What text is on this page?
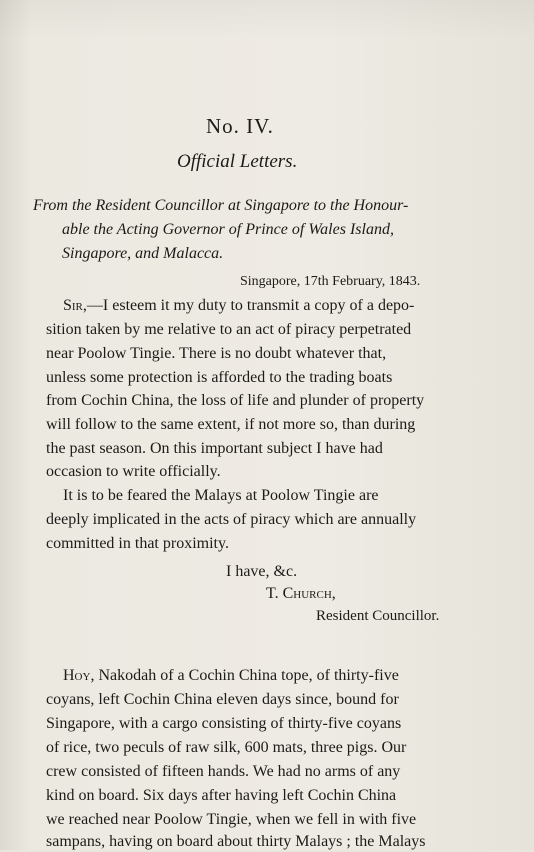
No. IV.
Official Letters.
From the Resident Councillor at Singapore to the Honour-
able the Acting Governor of Prince of Wales Island,
Singapore, and Malacca.
Singapore, 17th February, 1843.
Sir,—I esteem it my duty to transmit a copy of a depo-
sition taken by me relative to an act of piracy perpetrated
near Poolow Tingie. There is no doubt whatever that,
unless some protection is afforded to the trading boats
from Cochin China, the loss of life and plunder of property
will follow to the same extent, if not more so, than during
the past season. On this important subject I have had
occasion to write officially.
It is to be feared the Malays at Poolow Tingie are
deeply implicated in the acts of piracy which are annually
committed in that proximity.
I have, &c.
T. Church,
Resident Councillor.
Hoy, Nakodah of a Cochin China tope, of thirty-five
coyans, left Cochin China eleven days since, bound for
Singapore, with a cargo consisting of thirty-five coyans
of rice, two peculs of raw silk, 600 mats, three pigs. Our
crew consisted of fifteen hands. We had no arms of any
kind on board. Six days after having left Cochin China
we reached near Poolow Tingie, when we fell in with five
sampans, having on board about thirty Malays ; the Malays
